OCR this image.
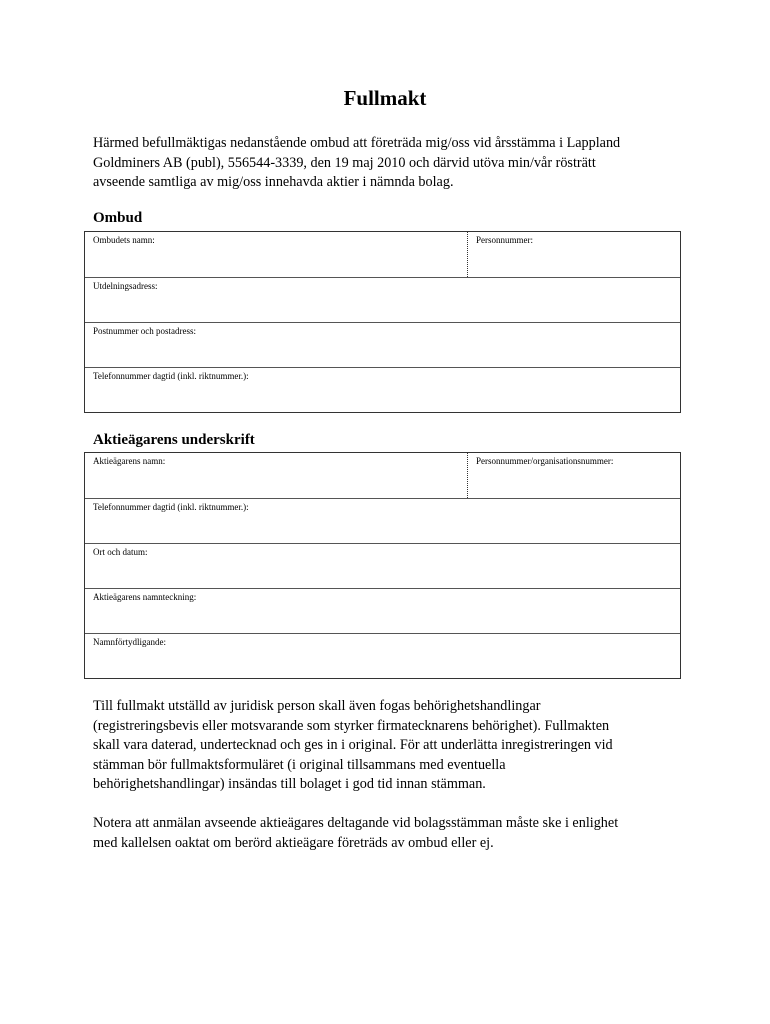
Fullmakt

Härmed befullmäktigas nedanstående ombud att företräda mig/oss vid årsstämma i Lappland
Goldminers AB (publ), 556544-3339, den 19 maj 2010 och därvid utöva min/vår rösträtt
avseende samtliga av mig/oss innehavda aktier i nämnda bolag.

Ombud
Ombudets namn:	Personnummer:
Utdelningsadress:
Postnummer och postadress:
Telefonnummer dagtid (inkl. riktnummer.):
Aktieägarens underskrift
Aktieägarens namn:	Personnummer/organisationsnummer:
Telefonnummer dagtid (inkl. riktnummer.):
Ort och datum:
Aktieägarens namnteckning:
Namnförtydligande:

Till fullmakt utställd av juridisk person skall även fogas behörighetshandlingar
(registreringsbevis eller motsvarande som styrker firmatecknarens behörighet). Fullmakten
skall vara daterad, undertecknad och ges in i original. För att underlätta inregistreringen vid
stämman bör fullmaktsformuläret (i original tillsammans med eventuella
behörighetshandlingar) insändas till bolaget i god tid innan stämman.

Notera att anmälan avseende aktieägares deltagande vid bolagsstämman måste ske i enlighet
med kallelsen oaktat om berörd aktieägare företräds av ombud eller ej.
